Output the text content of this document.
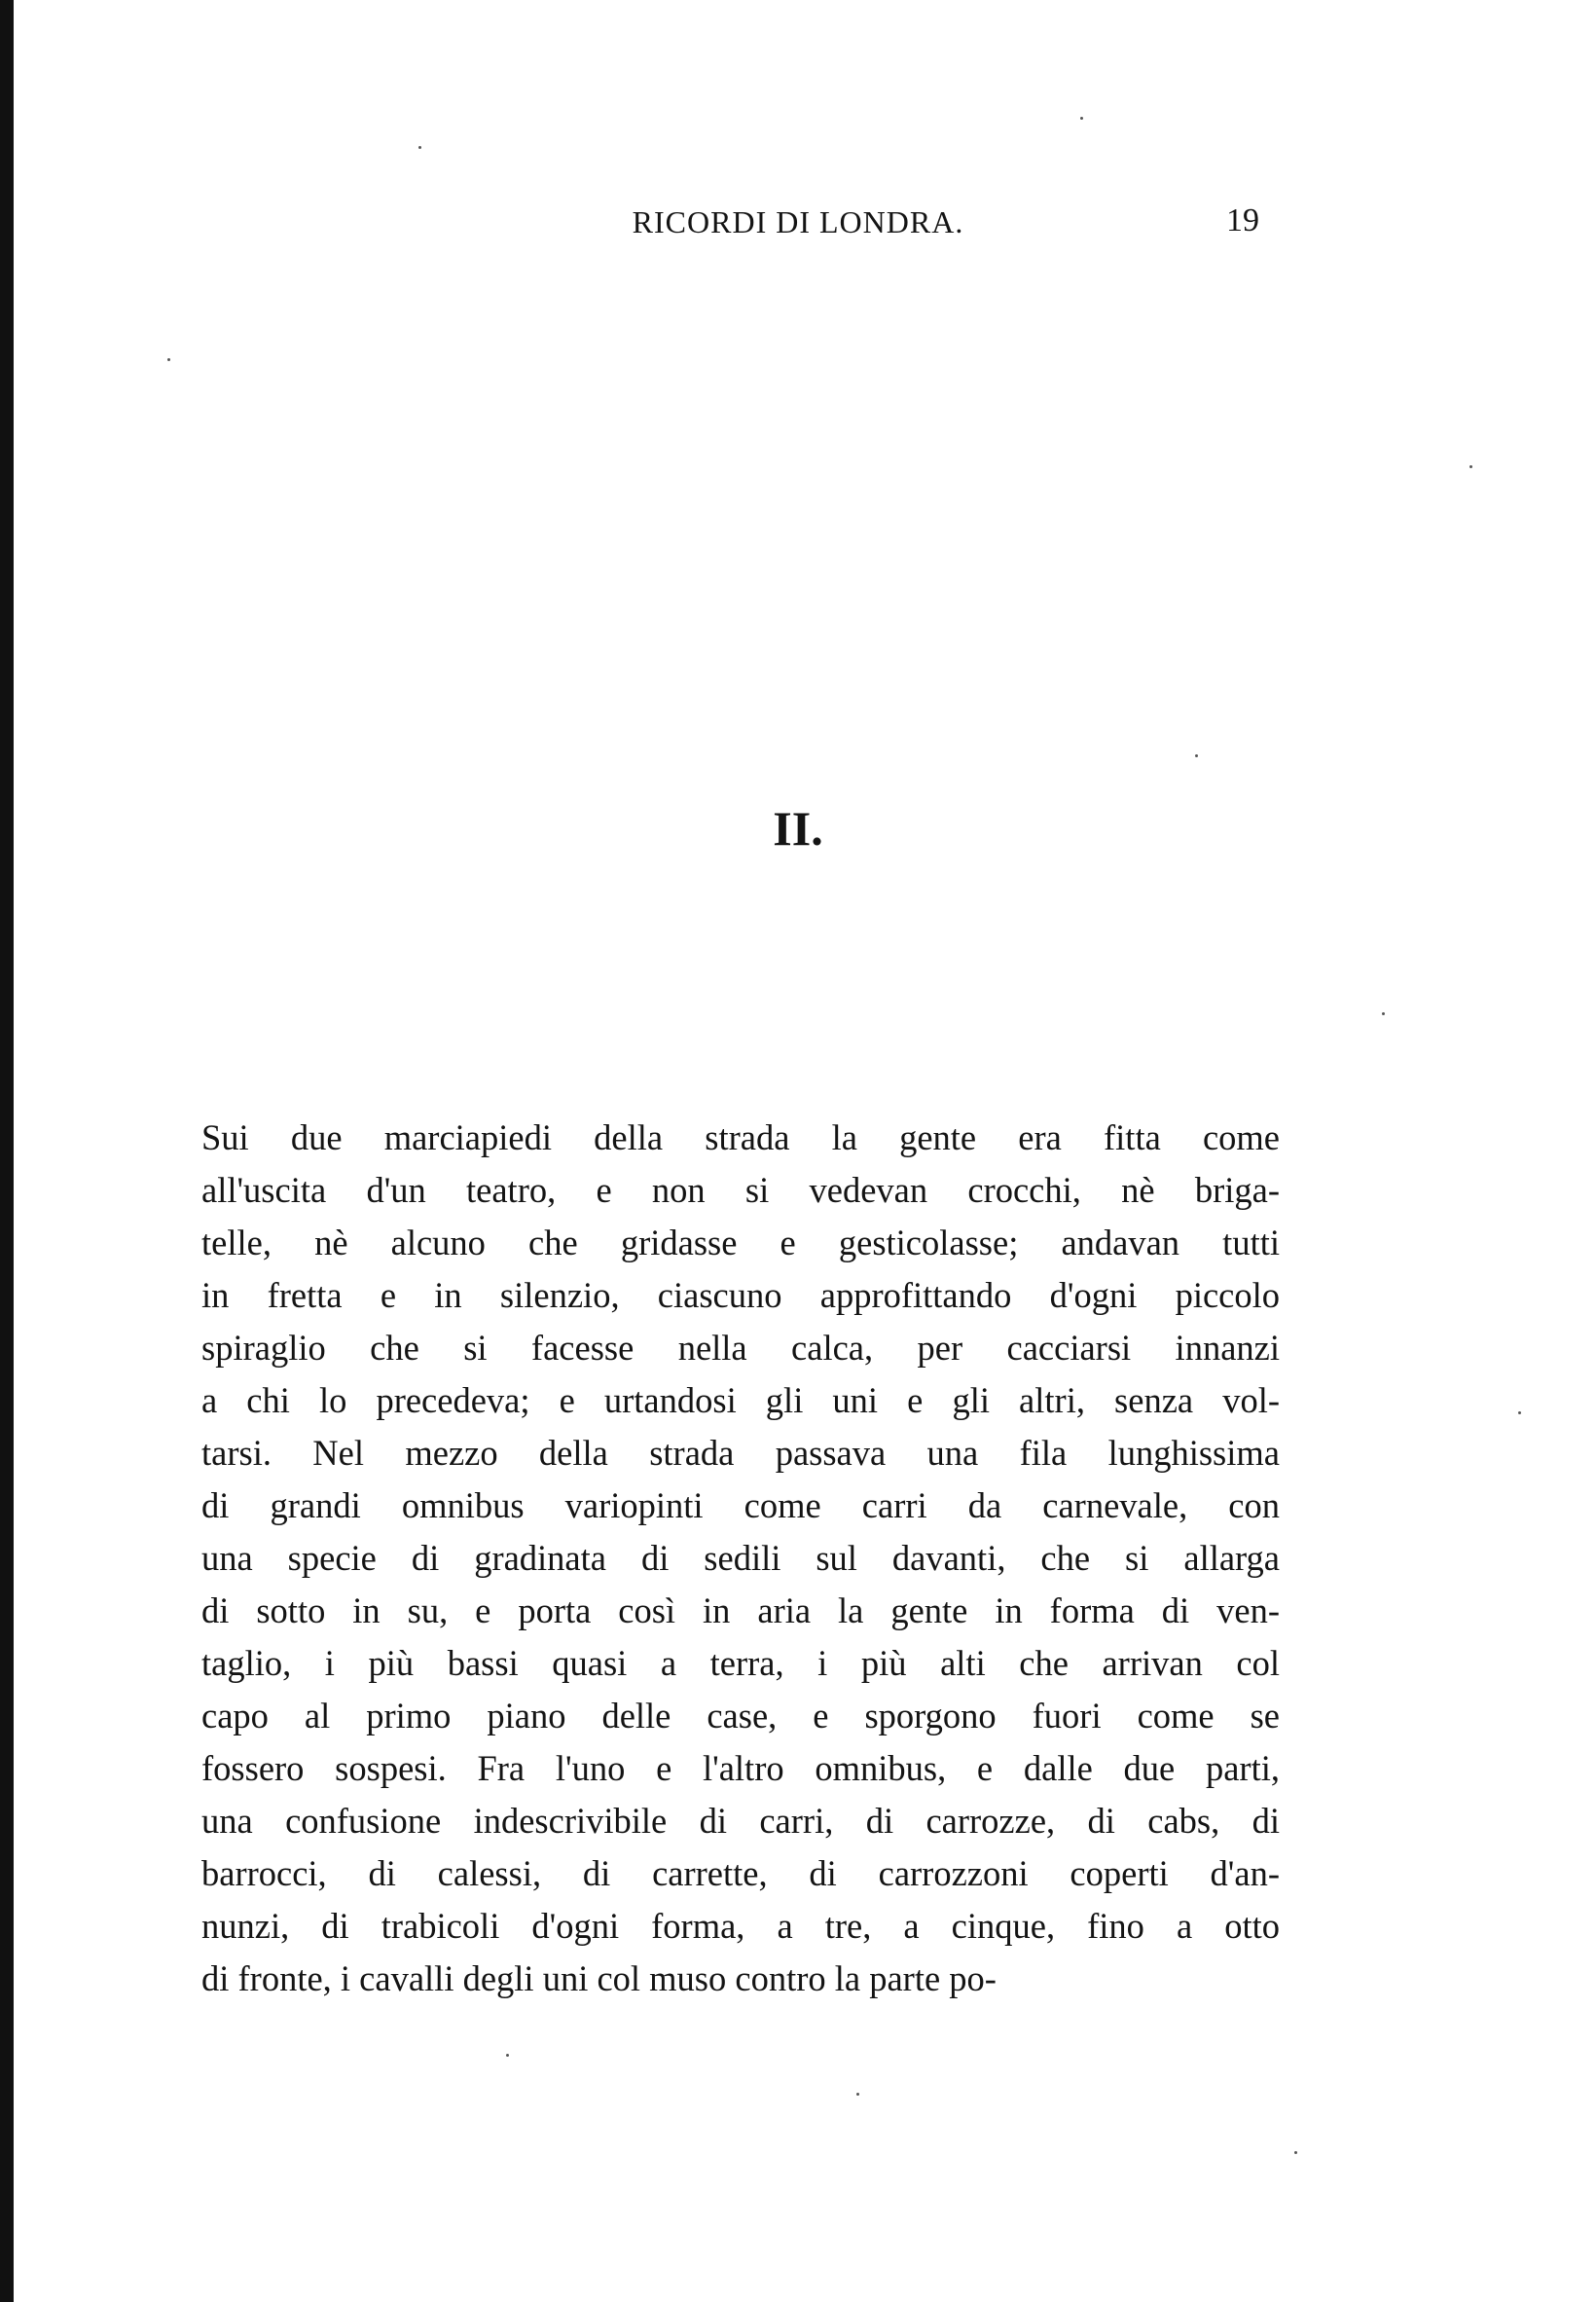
RICORDI DI LONDRA.	19
II.
Sui due marciapiedi della strada la gente era fitta come
all'uscita d'un teatro, e non si vedevan crocchi, nè briga-
telle, nè alcuno che gridasse e gesticolasse; andavan tutti
in fretta e in silenzio, ciascuno approfittando d'ogni piccolo
spiraglio che si facesse nella calca, per cacciarsi innanzi
a chi lo precedeva; e urtandosi gli uni e gli altri, senza vol-
tarsi. Nel mezzo della strada passava una fila lunghissima
di grandi omnibus variopinti come carri da carnevale, con
una specie di gradinata di sedili sul davanti, che si allarga
di sotto in su, e porta così in aria la gente in forma di ven-
taglio, i più bassi quasi a terra, i più alti che arrivan col
capo al primo piano delle case, e sporgono fuori come se
fossero sospesi. Fra l'uno e l'altro omnibus, e dalle due parti,
una confusione indescrivibile di carri, di carrozze, di cabs, di
barrocci, di calessi, di carrette, di carrozzoni coperti d'an-
nunzi, di trabicoli d'ogni forma, a tre, a cinque, fino a otto
di fronte, i cavalli degli uni col muso contro la parte po-
